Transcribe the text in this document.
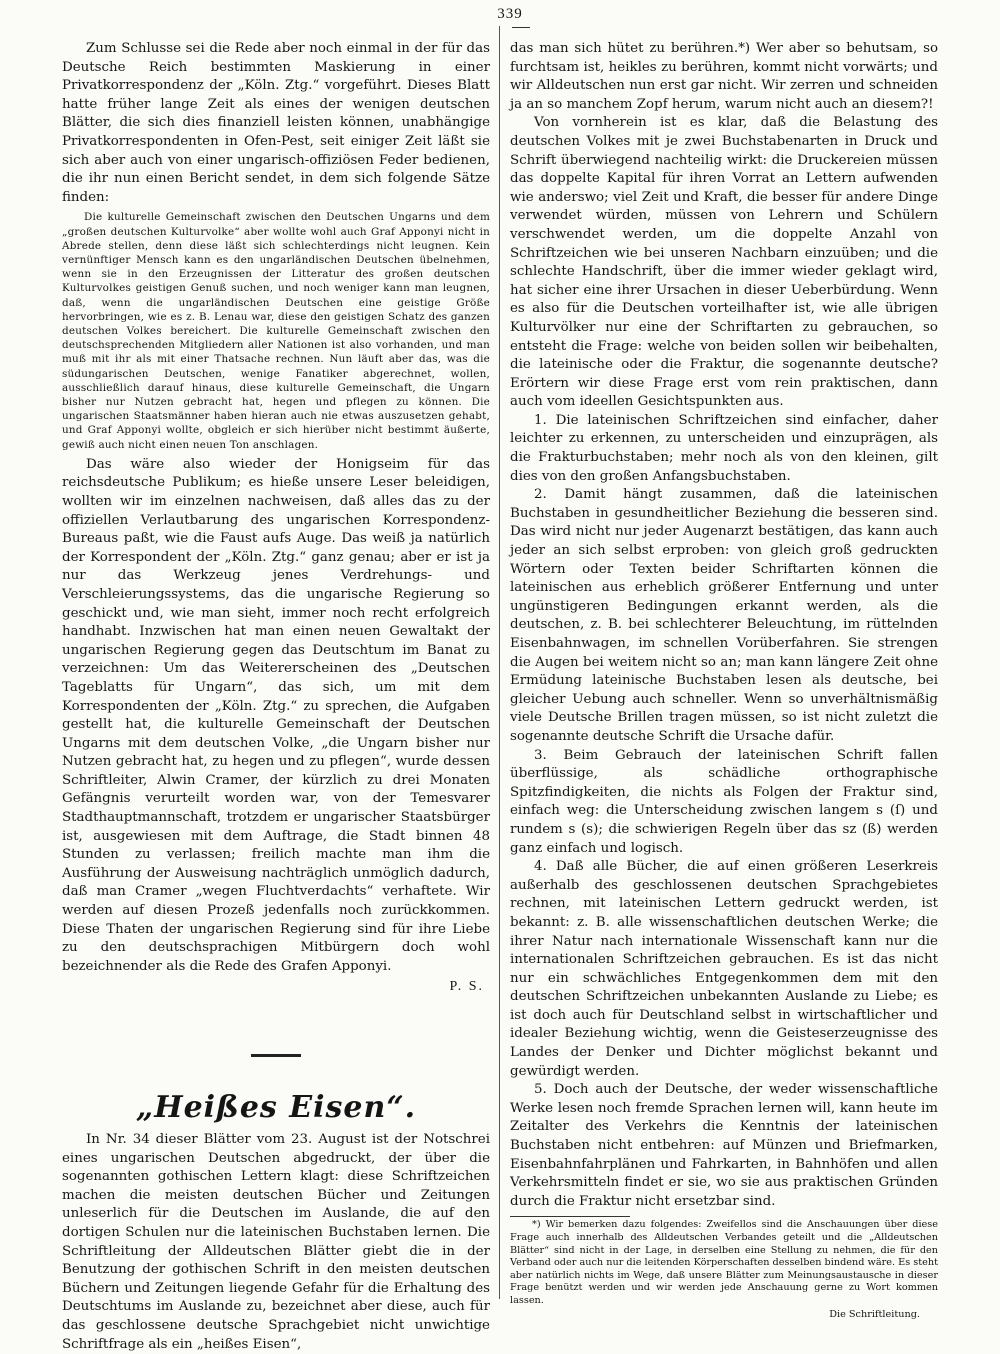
339

Zum Schlusse sei die Rede aber noch einmal in der für das Deutsche Reich bestimmten Maskierung in einer Privatkorrespondenz der „Köln. Ztg.“ vorgeführt. Dieses Blatt hatte früher lange Zeit als eines der wenigen deutschen Blätter, die sich dies finanziell leisten können, unabhängige Privatkorrespondenten in Ofen-Pest, seit einiger Zeit läßt sie sich aber auch von einer ungarisch-offiziösen Feder bedienen, die ihr nun einen Bericht sendet, in dem sich folgende Sätze finden:

Die kulturelle Gemeinschaft zwischen den Deutschen Ungarns und dem „großen deutschen Kulturvolke“ aber wollte wohl auch Graf Apponyi nicht in Abrede stellen, denn diese läßt sich schlechterdings nicht leugnen. Kein vernünftiger Mensch kann es den ungarländischen Deutschen übelnehmen, wenn sie in den Erzeugnissen der Litteratur des großen deutschen Kulturvolkes geistigen Genuß suchen, und noch weniger kann man leugnen, daß, wenn die ungarländischen Deutschen eine geistige Größe hervorbringen, wie es z. B. Lenau war, diese den geistigen Schatz des ganzen deutschen Volkes bereichert. Die kulturelle Gemeinschaft zwischen den deutschsprechenden Mitgliedern aller Nationen ist also vorhanden, und man muß mit ihr als mit einer Thatsache rechnen. Nun läuft aber das, was die südungarischen Deutschen, wenige Fanatiker abgerechnet, wollen, ausschließlich darauf hinaus, diese kulturelle Gemeinschaft, die Ungarn bisher nur Nutzen gebracht hat, hegen und pflegen zu können. Die ungarischen Staatsmänner haben hieran auch nie etwas auszusetzen gehabt, und Graf Apponyi wollte, obgleich er sich hierüber nicht bestimmt äußerte, gewiß auch nicht einen neuen Ton anschlagen.

Das wäre also wieder der Honigseim für das reichsdeutsche Publikum; es hieße unsere Leser beleidigen, wollten wir im einzelnen nachweisen, daß alles das zu der offiziellen Verlautbarung des ungarischen Korrespondenz-Bureaus paßt, wie die Faust aufs Auge. Das weiß ja natürlich der Korrespondent der „Köln. Ztg.“ ganz genau; aber er ist ja nur das Werkzeug jenes Verdrehungs- und Verschleierungssystems, das die ungarische Regierung so geschickt und, wie man sieht, immer noch recht erfolgreich handhabt. Inzwischen hat man einen neuen Gewaltakt der ungarischen Regierung gegen das Deutschtum im Banat zu verzeichnen: Um das Weitererscheinen des „Deutschen Tageblatts für Ungarn“, das sich, um mit dem Korrespondenten der „Köln. Ztg.“ zu sprechen, die Aufgaben gestellt hat, die kulturelle Gemeinschaft der Deutschen Ungarns mit dem deutschen Volke, „die Ungarn bisher nur Nutzen gebracht hat, zu hegen und zu pflegen“, wurde dessen Schriftleiter, Alwin Cramer, der kürzlich zu drei Monaten Gefängnis verurteilt worden war, von der Temesvarer Stadthauptmannschaft, trotzdem er ungarischer Staatsbürger ist, ausgewiesen mit dem Auftrage, die Stadt binnen 48 Stunden zu verlassen; freilich machte man ihm die Ausführung der Ausweisung nachträglich unmöglich dadurch, daß man Cramer „wegen Fluchtverdachts“ verhaftete. Wir werden auf diesen Prozeß jedenfalls noch zurückkommen. Diese Thaten der ungarischen Regierung sind für ihre Liebe zu den deutschsprachigen Mitbürgern doch wohl bezeichnender als die Rede des Grafen Apponyi.

P. S.

„Heißes Eisen“.

In Nr. 34 dieser Blätter vom 23. August ist der Notschrei eines ungarischen Deutschen abgedruckt, der über die sogenannten gothischen Lettern klagt: diese Schriftzeichen machen die meisten deutschen Bücher und Zeitungen unleserlich für die Deutschen im Auslande, die auf den dortigen Schulen nur die lateinischen Buchstaben lernen. Die Schriftleitung der Alldeutschen Blätter giebt die in der Benutzung der gothischen Schrift in den meisten deutschen Büchern und Zeitungen liegende Gefahr für die Erhaltung des Deutschtums im Auslande zu, bezeichnet aber diese, auch für das geschlossene deutsche Sprachgebiet nicht unwichtige Schriftfrage als ein „heißes Eisen“,

das man sich hütet zu berühren.*) Wer aber so behutsam, so furchtsam ist, heikles zu berühren, kommt nicht vorwärts; und wir Alldeutschen nun erst gar nicht. Wir zerren und schneiden ja an so manchem Zopf herum, warum nicht auch an diesem?!

Von vornherein ist es klar, daß die Belastung des deutschen Volkes mit je zwei Buchstabenarten in Druck und Schrift überwiegend nachteilig wirkt: die Druckereien müssen das doppelte Kapital für ihren Vorrat an Lettern aufwenden wie anderswo; viel Zeit und Kraft, die besser für andere Dinge verwendet würden, müssen von Lehrern und Schülern verschwendet werden, um die doppelte Anzahl von Schriftzeichen wie bei unseren Nachbarn einzuüben; und die schlechte Handschrift, über die immer wieder geklagt wird, hat sicher eine ihrer Ursachen in dieser Ueberbürdung. Wenn es also für die Deutschen vorteilhafter ist, wie alle übrigen Kulturvölker nur eine der Schriftarten zu gebrauchen, so entsteht die Frage: welche von beiden sollen wir beibehalten, die lateinische oder die Fraktur, die sogenannte deutsche? Erörtern wir diese Frage erst vom rein praktischen, dann auch vom ideellen Gesichtspunkten aus.

1. Die lateinischen Schriftzeichen sind einfacher, daher leichter zu erkennen, zu unterscheiden und einzuprägen, als die Frakturbuchstaben; mehr noch als von den kleinen, gilt dies von den großen Anfangsbuchstaben.

2. Damit hängt zusammen, daß die lateinischen Buchstaben in gesundheitlicher Beziehung die besseren sind. Das wird nicht nur jeder Augenarzt bestätigen, das kann auch jeder an sich selbst erproben: von gleich groß gedruckten Wörtern oder Texten beider Schriftarten können die lateinischen aus erheblich größerer Entfernung und unter ungünstigeren Bedingungen erkannt werden, als die deutschen, z. B. bei schlechterer Beleuchtung, im rüttelnden Eisenbahnwagen, im schnellen Vorüberfahren. Sie strengen die Augen bei weitem nicht so an; man kann längere Zeit ohne Ermüdung lateinische Buchstaben lesen als deutsche, bei gleicher Uebung auch schneller. Wenn so unverhältnismäßig viele Deutsche Brillen tragen müssen, so ist nicht zuletzt die sogenannte deutsche Schrift die Ursache dafür.

3. Beim Gebrauch der lateinischen Schrift fallen überflüssige, als schädliche orthographische Spitzfindigkeiten, die nichts als Folgen der Fraktur sind, einfach weg: die Unterscheidung zwischen langem s (ſ) und rundem s (s); die schwierigen Regeln über das sz (ß) werden ganz einfach und logisch.

4. Daß alle Bücher, die auf einen größeren Leserkreis außerhalb des geschlossenen deutschen Sprachgebietes rechnen, mit lateinischen Lettern gedruckt werden, ist bekannt: z. B. alle wissenschaftlichen deutschen Werke; die ihrer Natur nach internationale Wissenschaft kann nur die internationalen Schriftzeichen gebrauchen. Es ist das nicht nur ein schwächliches Entgegenkommen dem mit den deutschen Schriftzeichen unbekannten Auslande zu Liebe; es ist doch auch für Deutschland selbst in wirtschaftlicher und idealer Beziehung wichtig, wenn die Geisteserzeugnisse des Landes der Denker und Dichter möglichst bekannt und gewürdigt werden.

5. Doch auch der Deutsche, der weder wissenschaftliche Werke lesen noch fremde Sprachen lernen will, kann heute im Zeitalter des Verkehrs die Kenntnis der lateinischen Buchstaben nicht entbehren: auf Münzen und Briefmarken, Eisenbahnfahrplänen und Fahrkarten, in Bahnhöfen und allen Verkehrsmitteln findet er sie, wo sie aus praktischen Gründen durch die Fraktur nicht ersetzbar sind.

*) Wir bemerken dazu folgendes: Zweifellos sind die Anschauungen über diese Frage auch innerhalb des Alldeutschen Verbandes geteilt und die „Alldeutschen Blätter“ sind nicht in der Lage, in derselben eine Stellung zu nehmen, die für den Verband oder auch nur die leitenden Körperschaften desselben bindend wäre. Es steht aber natürlich nichts im Wege, daß unsere Blätter zum Meinungsaustausche in dieser Frage benützt werden und wir werden jede Anschauung gerne zu Wort kommen lassen.

Die Schriftleitung.
